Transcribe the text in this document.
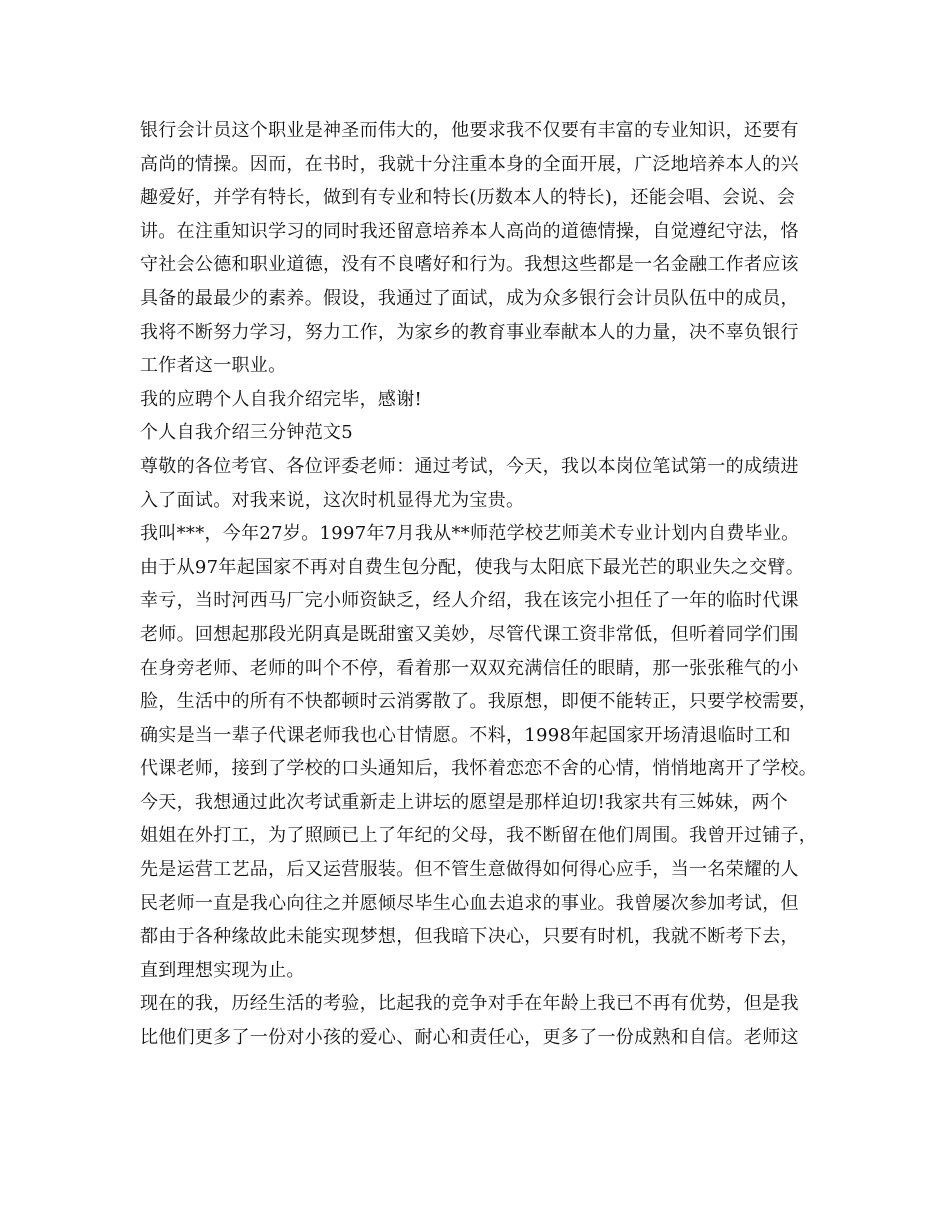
银行会计员这个职业是神圣而伟大的，他要求我不仅要有丰富的专业知识，还要有
高尚的情操。因而，在书时，我就十分注重本身的全面开展，广泛地培养本人的兴
趣爱好，并学有特长，做到有专业和特长(历数本人的特长)，还能会唱、会说、会
讲。在注重知识学习的同时我还留意培养本人高尚的道德情操，自觉遵纪守法，恪
守社会公德和职业道德，没有不良嗜好和行为。我想这些都是一名金融工作者应该
具备的最最少的素养。假设，我通过了面试，成为众多银行会计员队伍中的成员，
我将不断努力学习，努力工作，为家乡的教育事业奉献本人的力量，决不辜负银行
工作者这一职业。
我的应聘个人自我介绍完毕，感谢!
个人自我介绍三分钟范文5
尊敬的各位考官、各位评委老师：通过考试，今天，我以本岗位笔试第一的成绩进
入了面试。对我来说，这次时机显得尤为宝贵。
我叫***，今年27岁。1997年7月我从**师范学校艺师美术专业计划内自费毕业。
由于从97年起国家不再对自费生包分配，使我与太阳底下最光芒的职业失之交臂。
幸亏，当时河西马厂完小师资缺乏，经人介绍，我在该完小担任了一年的临时代课
老师。回想起那段光阴真是既甜蜜又美妙，尽管代课工资非常低，但听着同学们围
在身旁老师、老师的叫个不停，看着那一双双充满信任的眼睛，那一张张稚气的小
脸，生活中的所有不快都顿时云消雾散了。我原想，即便不能转正，只要学校需要，
确实是当一辈子代课老师我也心甘情愿。不料，1998年起国家开场清退临时工和
代课老师，接到了学校的口头通知后，我怀着恋恋不舍的心情，悄悄地离开了学校。
今天，我想通过此次考试重新走上讲坛的愿望是那样迫切!我家共有三姊妹，两个
姐姐在外打工，为了照顾已上了年纪的父母，我不断留在他们周围。我曾开过铺子，
先是运营工艺品，后又运营服装。但不管生意做得如何得心应手，当一名荣耀的人
民老师一直是我心向往之并愿倾尽毕生心血去追求的事业。我曾屡次参加考试，但
都由于各种缘故此未能实现梦想，但我暗下决心，只要有时机，我就不断考下去，
直到理想实现为止。
现在的我，历经生活的考验，比起我的竞争对手在年龄上我已不再有优势，但是我
比他们更多了一份对小孩的爱心、耐心和责任心，更多了一份成熟和自信。老师这
